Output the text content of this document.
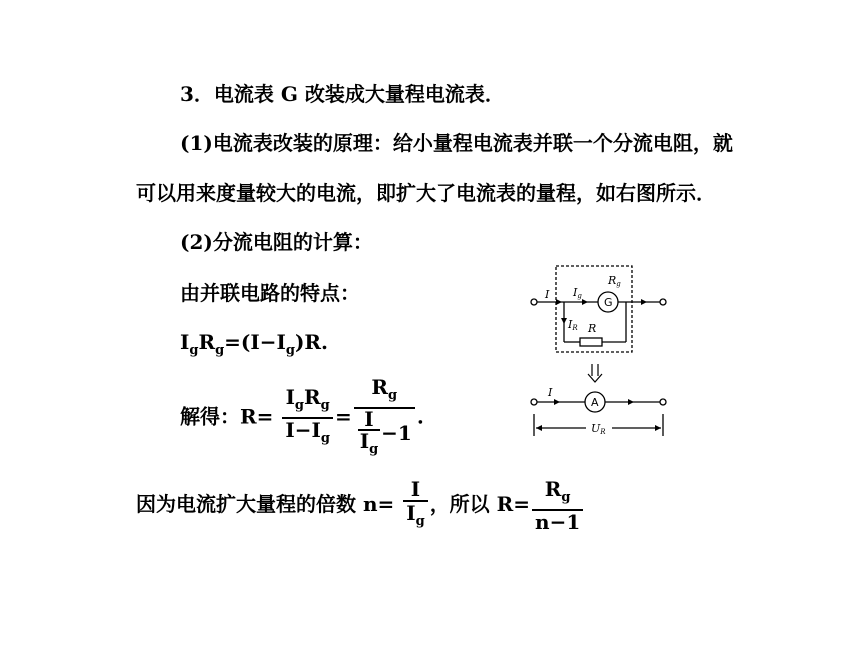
3．电流表 G 改装成大量程电流表．
(1)电流表改装的原理：给小量程电流表并联一个分流电阻，就
可以用来度量较大的电流，即扩大了电流表的量程，如右图所示．
(2)分流电阻的计算：
由并联电路的特点：
$I_gR_g=(I-I_g)R$.
解得：$R= \frac{I_gR_g}{I-I_g} = \frac{R_g}{\frac{I}{I_g} -1}$ .
因为电流扩大量程的倍数 $n= \frac{I}{I_g}$ ，所以 $R= \frac{R_g}{n-1}$
I Ig
Rg
IR R
G
I
UR
A
